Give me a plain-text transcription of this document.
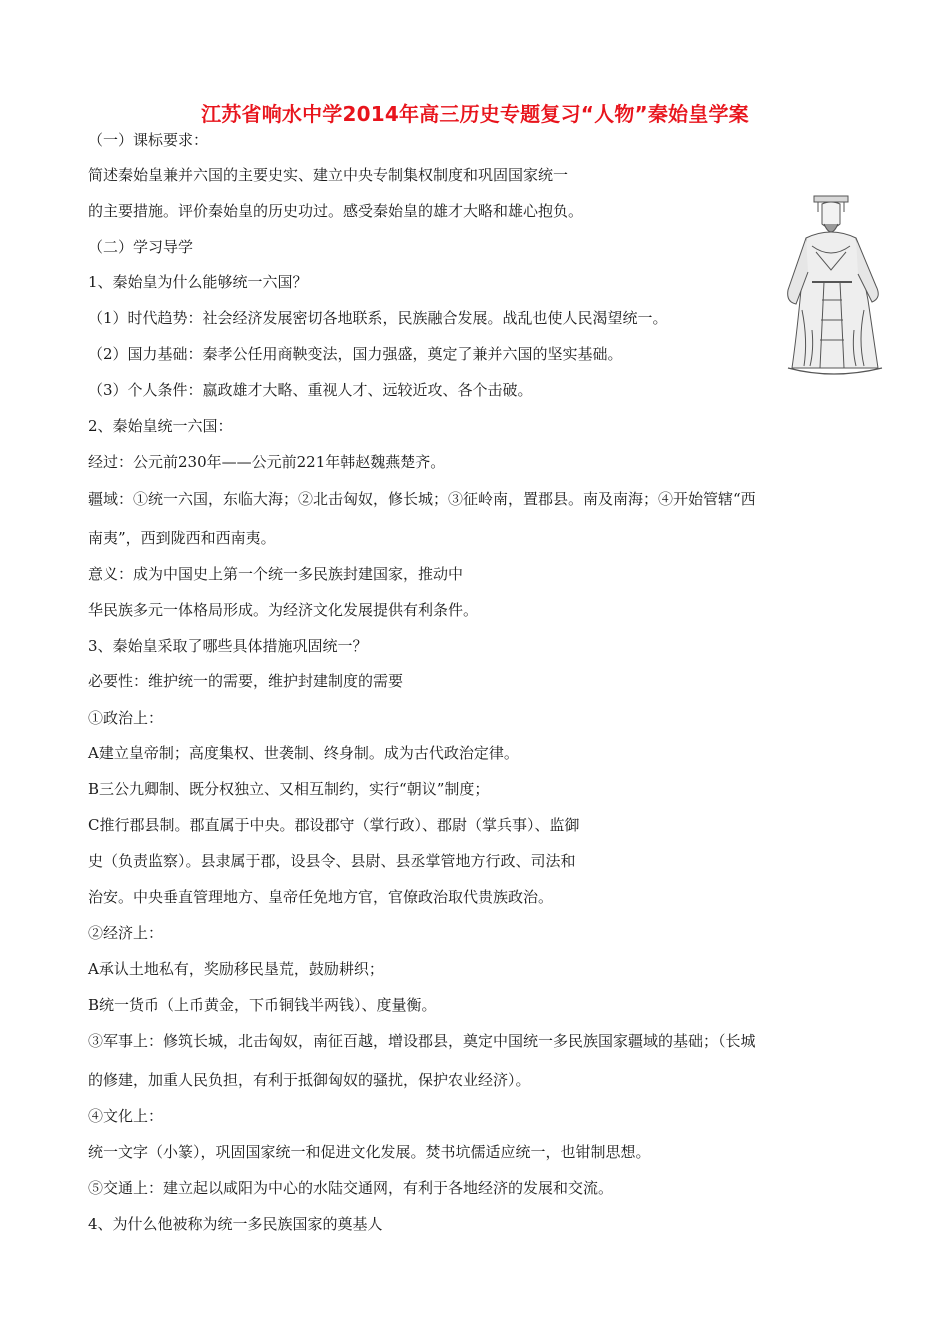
江苏省响水中学2014年高三历史专题复习“人物”秦始皇学案
（一）课标要求：
简述秦始皇兼并六国的主要史实、建立中央专制集权制度和巩固国家统一
的主要措施。评价秦始皇的历史功过。感受秦始皇的雄才大略和雄心抱负。
（二）学习导学
1、秦始皇为什么能够统一六国？
（1）时代趋势：社会经济发展密切各地联系，民族融合发展。战乱也使人民渴望统一。
（2）国力基础：秦孝公任用商鞅变法，国力强盛，奠定了兼并六国的坚实基础。
（3）个人条件：嬴政雄才大略、重视人才、远较近攻、各个击破。
2、秦始皇统一六国：
经过：公元前230年——公元前221年韩赵魏燕楚齐。
疆域：①统一六国，东临大海；②北击匈奴，修长城；③征岭南，置郡县。南及南海；④开始管辖“西
南夷”，西到陇西和西南夷。
意义：成为中国史上第一个统一多民族封建国家，推动中
华民族多元一体格局形成。为经济文化发展提供有利条件。
3、秦始皇采取了哪些具体措施巩固统一？
必要性：维护统一的需要，维护封建制度的需要
①政治上：
A建立皇帝制；高度集权、世袭制、终身制。成为古代政治定律。
B三公九卿制、既分权独立、又相互制约，实行“朝议”制度；
C推行郡县制。郡直属于中央。郡设郡守（掌行政）、郡尉（掌兵事）、监御
史（负责监察）。县隶属于郡，设县令、县尉、县丞掌管地方行政、司法和
治安。中央垂直管理地方、皇帝任免地方官，官僚政治取代贵族政治。
②经济上：
A承认土地私有，奖励移民垦荒，鼓励耕织；
B统一货币（上币黄金，下币铜钱半两钱）、度量衡。
③军事上：修筑长城，北击匈奴，南征百越，增设郡县，奠定中国统一多民族国家疆域的基础；（长城
的修建，加重人民负担，有利于抵御匈奴的骚扰，保护农业经济）。
④文化上：
统一文字（小篆），巩固国家统一和促进文化发展。焚书坑儒适应统一，也钳制思想。
⑤交通上：建立起以咸阳为中心的水陆交通网，有利于各地经济的发展和交流。
4、为什么他被称为统一多民族国家的奠基人
